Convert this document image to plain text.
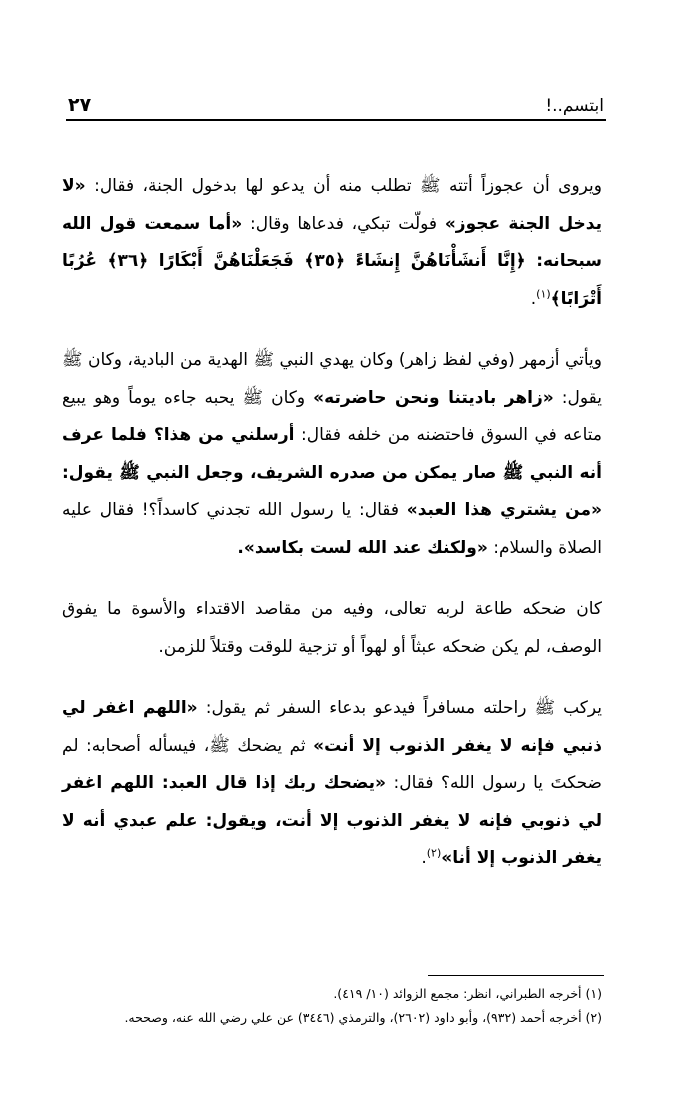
ابتسم..!
٢٧

ويروى أن عجوزاً أتته ﷺ تطلب منه أن يدعو لها بدخول الجنة، فقال: «لا يدخل الجنة عجوز» فولّت تبكي، فدعاها وقال: «أما سمعت قول الله سبحانه: ﴿إِنَّا أَنشَأْنَاهُنَّ إِنشَاءً ﴿٣٥﴾ فَجَعَلْنَاهُنَّ أَبْكَارًا ﴿٣٦﴾ عُرُبًا أَتْرَابًا﴾$^{(١)}$.

ويأتي أزمهر (وفي لفظ زاهر) وكان يهدي النبي ﷺ الهدية من البادية، وكان ﷺ يقول: «زاهر باديتنا ونحن حاضرته» وكان ﷺ يحبه جاءه يوماً وهو يبيع متاعه في السوق فاحتضنه من خلفه فقال: أرسلني من هذا؟ فلما عرف أنه النبي ﷺ صار يمكن من صدره الشريف، وجعل النبي ﷺ يقول: «من يشتري هذا العبد» فقال: يا رسول الله تجدني كاسداً؟! فقال عليه الصلاة والسلام: «ولكنك عند الله لست بكاسد».

كان ضحكه طاعة لربه تعالى، وفيه من مقاصد الاقتداء والأسوة ما يفوق الوصف، لم يكن ضحكه عبثاً أو لهواً أو تزجية للوقت وقتلاً للزمن.

يركب ﷺ راحلته مسافراً فيدعو بدعاء السفر ثم يقول: «اللهم اغفر لي ذنبي فإنه لا يغفر الذنوب إلا أنت» ثم يضحك ﷺ، فيسأله أصحابه: لم ضحكتَ يا رسول الله؟ فقال: «يضحك ربك إذا قال العبد: اللهم اغفر لي ذنوبي فإنه لا يغفر الذنوب إلا أنت، ويقول: علم عبدي أنه لا يغفر الذنوب إلا أنا»$^{(٢)}$.

(١) أخرجه الطبراني، انظر: مجمع الزوائد (١٠/ ٤١٩).
(٢) أخرجه أحمد (٩٣٢)، وأبو داود (٢٦٠٢)، والترمذي (٣٤٤٦) عن علي رضي الله عنه، وصححه.
